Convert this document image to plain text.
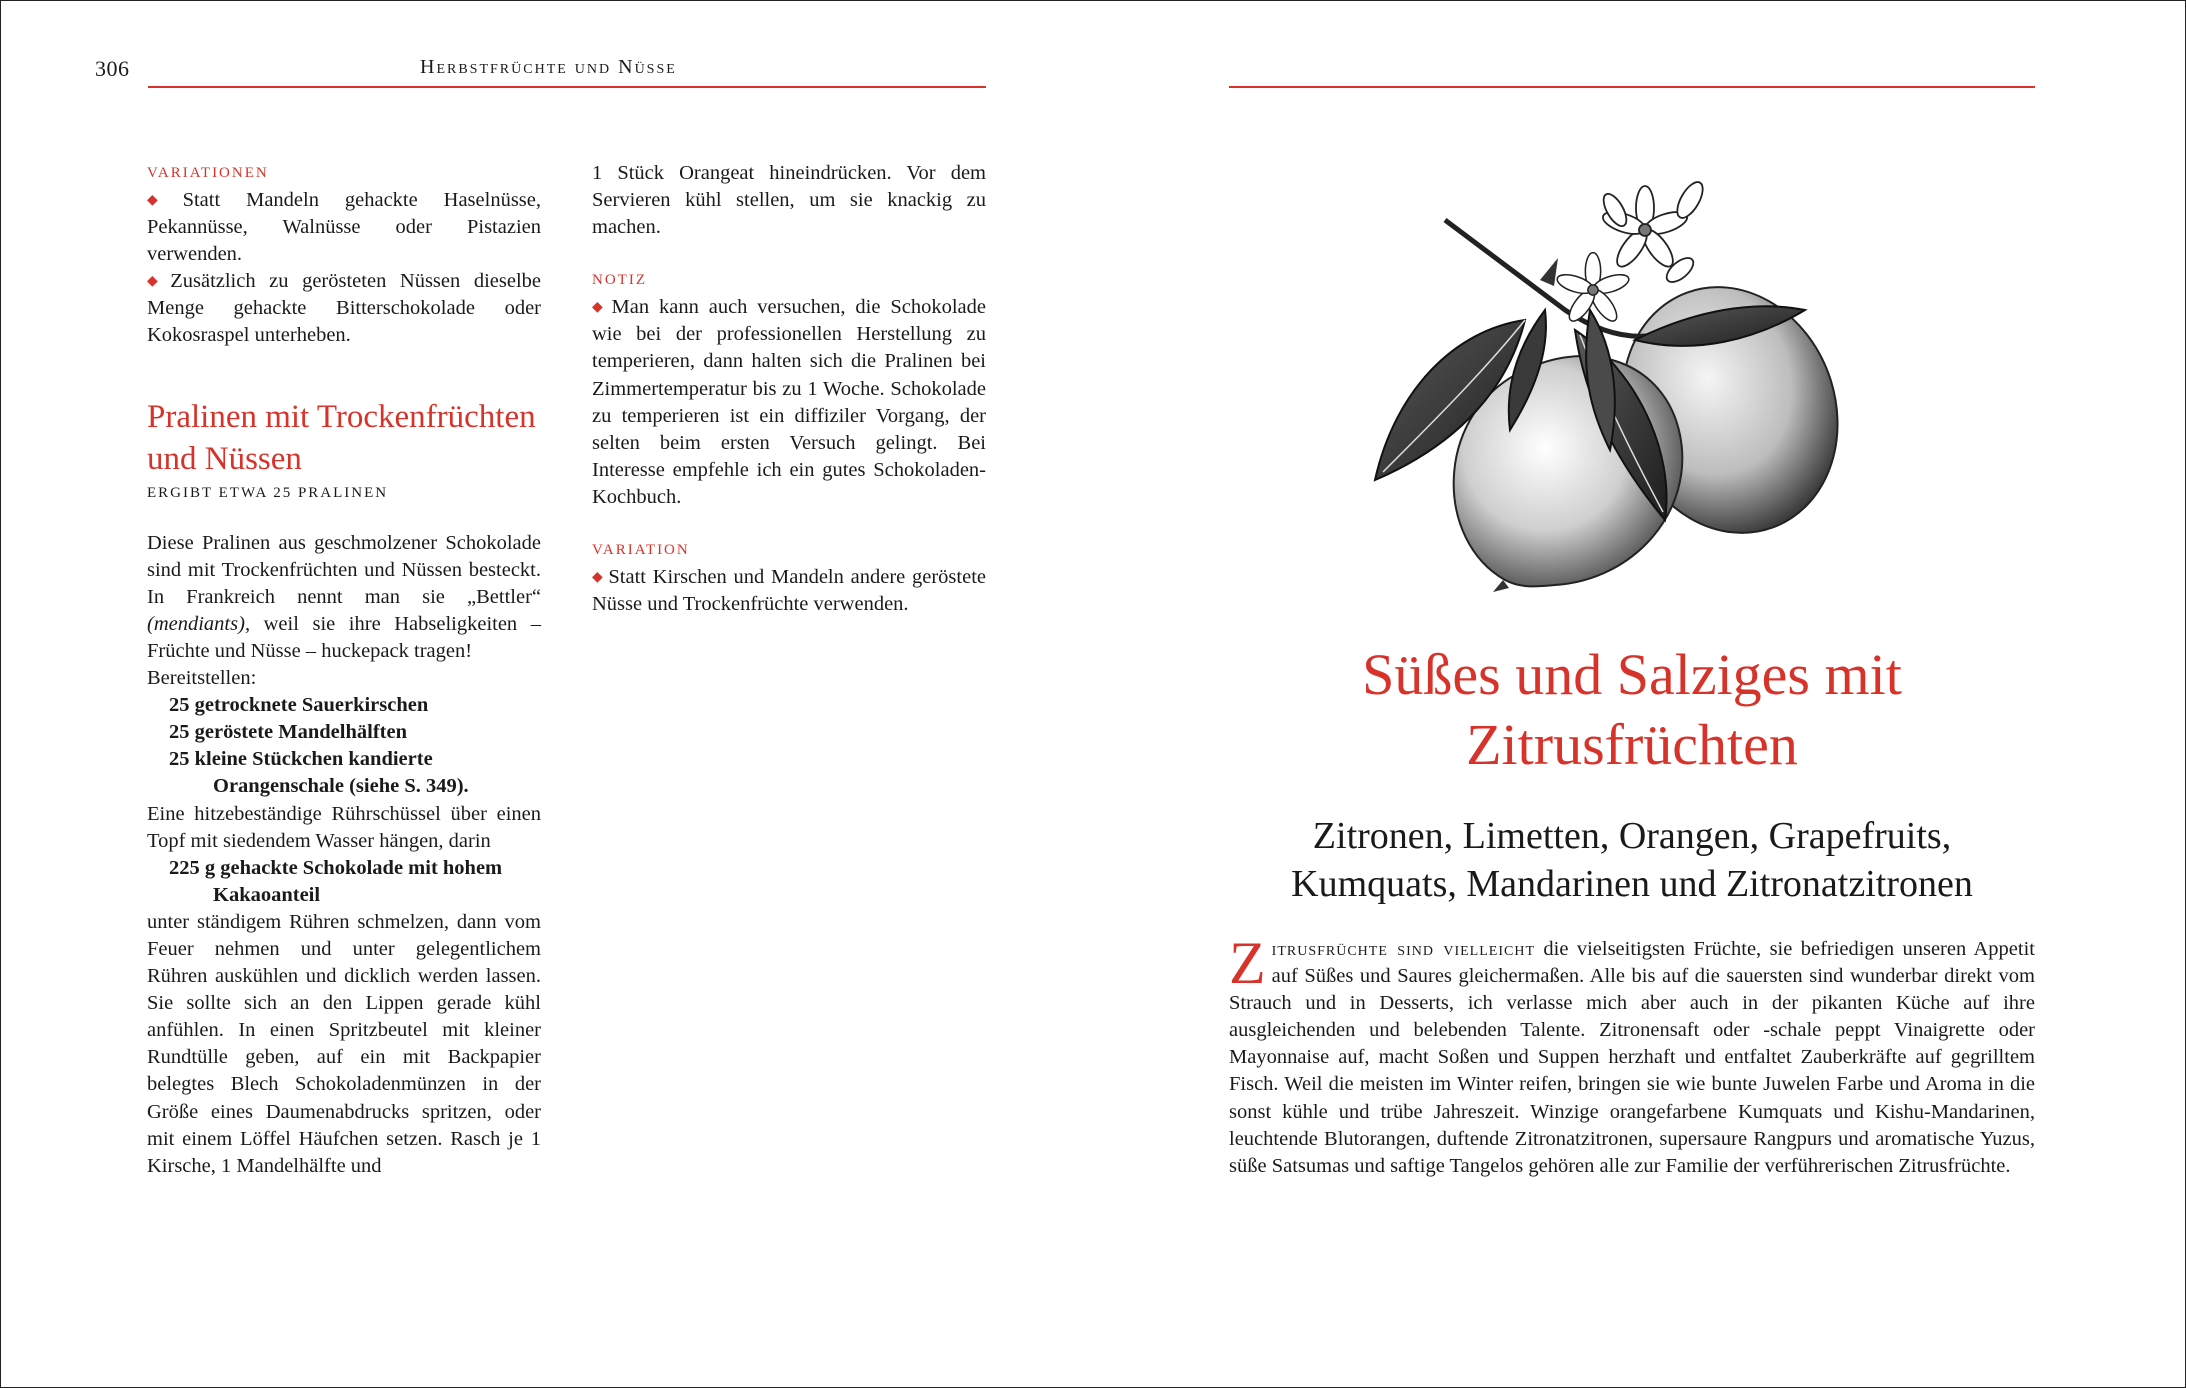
306	Herbstfrüchte und Nüsse
VARIATIONEN

◆ Statt Mandeln gehackte Haselnüsse, Pekannüsse, Walnüsse oder Pistazien verwenden.

◆ Zusätzlich zu gerösteten Nüssen dieselbe Menge gehackte Bitterschokolade oder Kokosraspel unterheben.

Pralinen mit Trockenfrüchten und Nüssen
ERGIBT ETWA 25 PRALINEN

Diese Pralinen aus geschmolzener Schokolade sind mit Trockenfrüchten und Nüssen besteckt. In Frankreich nennt man sie „Bettler“ (mendiants), weil sie ihre Habseligkeiten – Früchte und Nüsse – huckepack tragen!

Bereitstellen:

25 getrocknete Sauerkirschen

25 geröstete Mandelhälften

25 kleine Stückchen kandierte

Orangenschale (siehe S. 349).

Eine hitzebeständige Rührschüssel über einen Topf mit siedendem Wasser hängen, darin

225 g gehackte Schokolade mit hohem

Kakaoanteil

unter ständigem Rühren schmelzen, dann vom Feuer nehmen und unter gelegentlichem Rühren auskühlen und dicklich werden lassen. Sie sollte sich an den Lippen gerade kühl anfühlen. In einen Spritzbeutel mit kleiner Rundtülle geben, auf ein mit Backpapier belegtes Blech Schokoladenmünzen in der Größe eines Daumenabdrucks spritzen, oder mit einem Löffel Häufchen setzen. Rasch je 1 Kirsche, 1 Mandelhälfte und

1 Stück Orangeat hineindrücken. Vor dem Servieren kühl stellen, um sie knackig zu machen.

NOTIZ

◆ Man kann auch versuchen, die Schokolade wie bei der professionellen Herstellung zu temperieren, dann halten sich die Pralinen bei Zimmertemperatur bis zu 1 Woche. Schokolade zu temperieren ist ein diffiziler Vorgang, der selten beim ersten Versuch gelingt. Bei Interesse empfehle ich ein gutes Schokoladen-Kochbuch.

VARIATION

◆ Statt Kirschen und Mandeln andere geröstete Nüsse und Trockenfrüchte verwenden.

Süßes und Salziges mit Zitrusfrüchten
Zitronen, Limetten, Orangen, Grapefruits, Kumquats, Mandarinen und Zitronatzitronen
Zitrusfrüchte sind vielleicht die vielseitigsten Früchte, sie befriedigen unseren Appetit auf Süßes und Saures gleichermaßen. Alle bis auf die sauersten sind wunderbar direkt vom Strauch und in Desserts, ich verlasse mich aber auch in der pikanten Küche auf ihre ausgleichenden und belebenden Talente. Zitronensaft oder -schale peppt Vinaigrette oder Mayonnaise auf, macht Soßen und Suppen herzhaft und entfaltet Zauberkräfte auf gegrilltem Fisch. Weil die meisten im Winter reifen, bringen sie wie bunte Juwelen Farbe und Aroma in die sonst kühle und trübe Jahreszeit. Winzige orangefarbene Kumquats und Kishu-Mandarinen, leuchtende Blutorangen, duftende Zitronatzitronen, supersaure Rangpurs und aromatische Yuzus, süße Satsumas und saftige Tangelos gehören alle zur Familie der verführerischen Zitrusfrüchte.
